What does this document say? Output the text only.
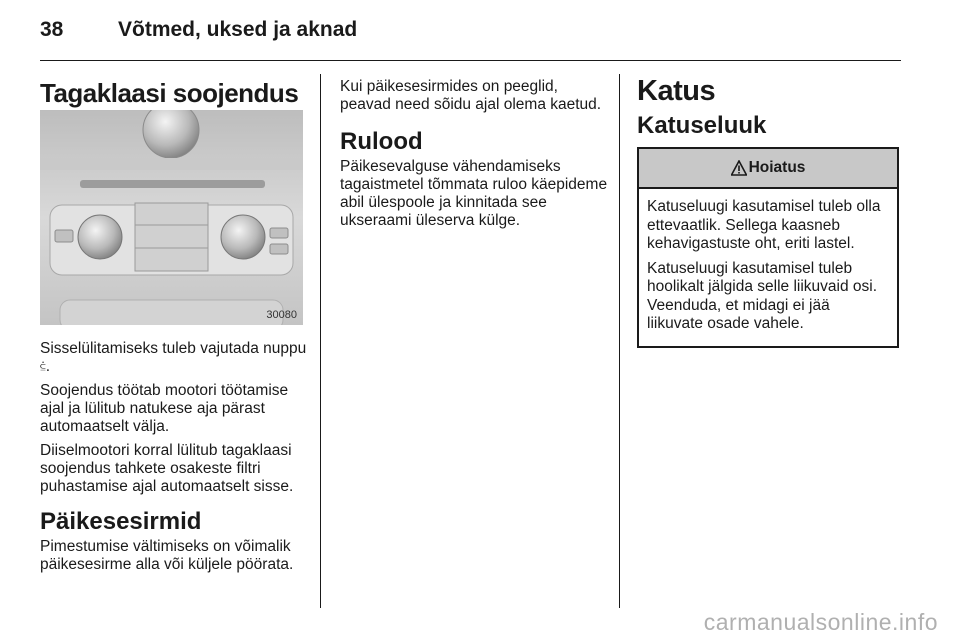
38	Võtmed, uksed ja aknad
Tagaklaasi soojendus
30080

Sisselülitamiseks tuleb vajutada nuppu ⫃.

Soojendus töötab mootori töötamise ajal ja lülitub natukese aja pärast automaatselt välja.

Diiselmootori korral lülitub tagaklaasi soojendus tahkete osakeste filtri puhastamise ajal automaatselt sisse.

Päikesesirmid

Pimestumise vältimiseks on võimalik päikesesirme alla või küljele pöörata.

Kui päikesesirmides on peeglid, peavad need sõidu ajal olema kaetud.

Rulood

Päikesevalguse vähendamiseks tagaistmetel tõmmata ruloo käepideme abil ülespoole ja kinnitada see ukseraami üleserva külge.

Katus
Katuseluuk
Hoiatus

Katuseluugi kasutamisel tuleb olla ettevaatlik. Sellega kaasneb kehavigastuste oht, eriti lastel.

Katuseluugi kasutamisel tuleb hoolikalt jälgida selle liikuvaid osi. Veenduda, et midagi ei jää liikuvate osade vahele.

carmanualsonline.info
